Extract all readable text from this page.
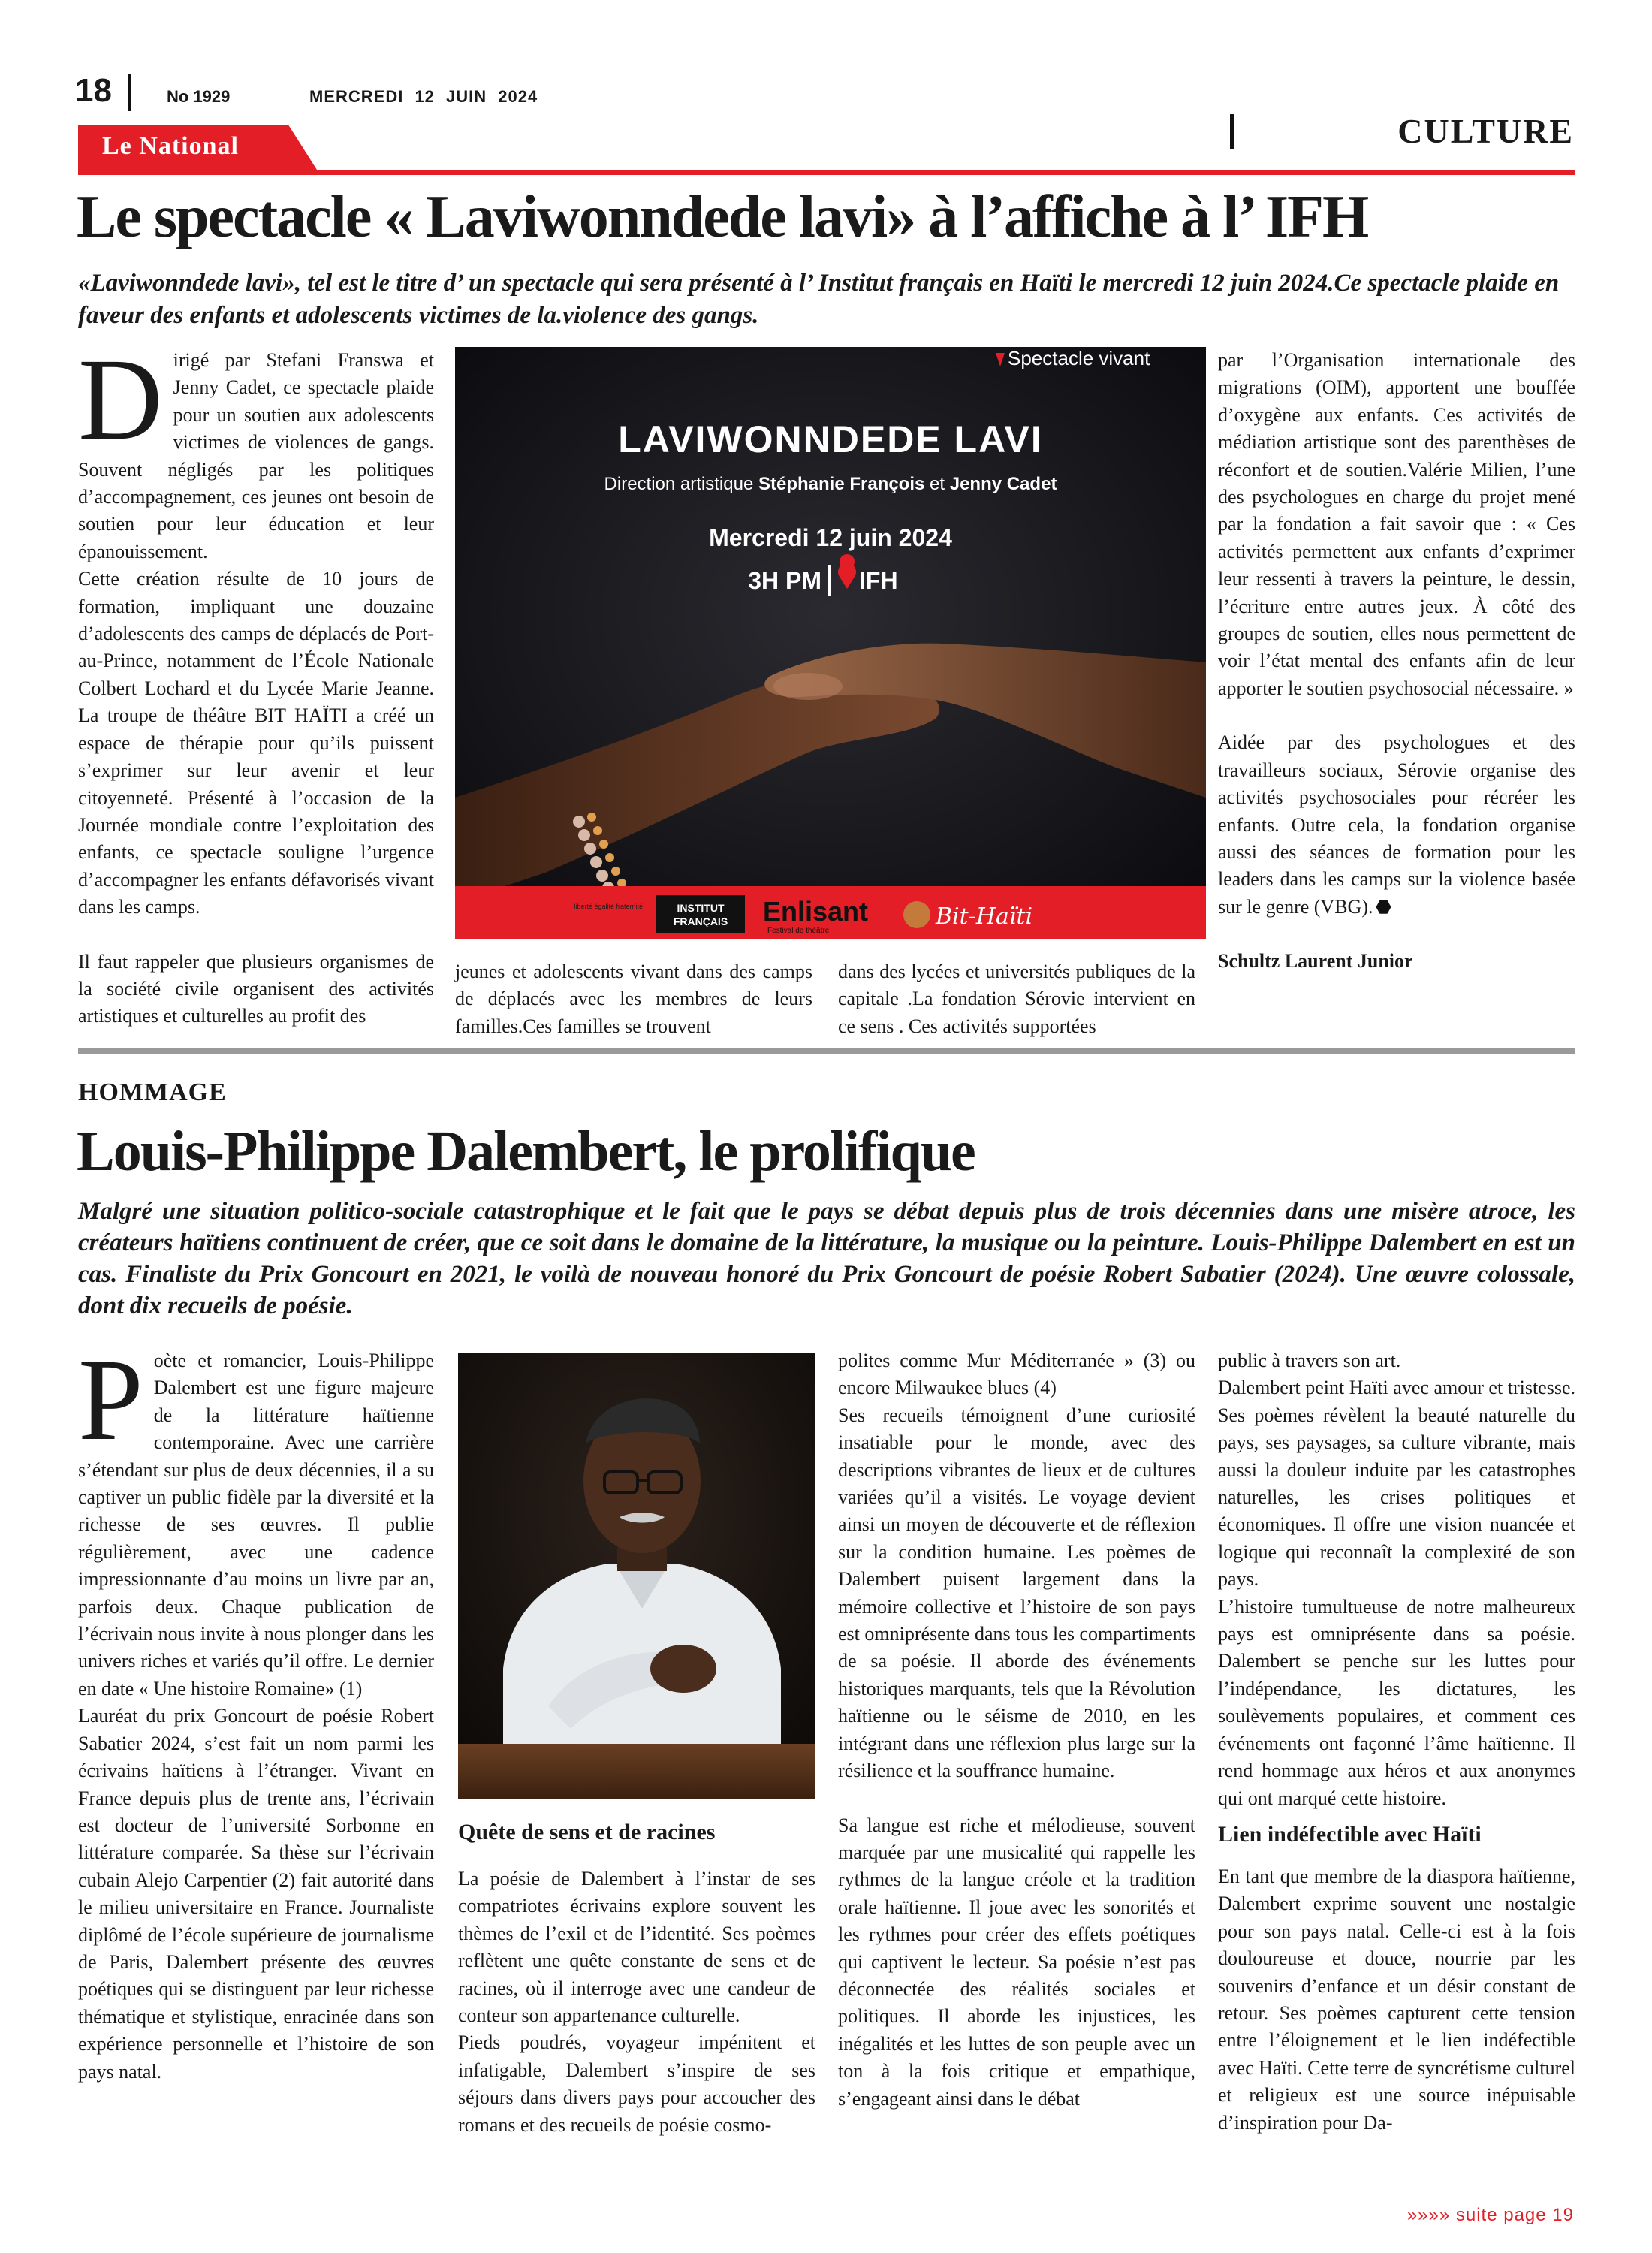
18	No 1929	MERCREDI 12 JUIN 2024
CULTURE
Le National
Le spectacle « Laviwonndede lavi» à l’affiche à l’ IFH
«Laviwonndede lavi», tel est le titre d’ un spectacle qui sera présenté à l’ Institut français en Haïti le mercredi 12 juin 2024.Ce spectacle plaide en faveur des enfants et adolescents victimes de la.violence des gangs.

Dirigé par Stefani Franswa et Jenny Cadet, ce spectacle plaide pour un soutien aux adolescents victimes de violences de gangs. Souvent négligés par les politiques d’accompagnement, ces jeunes ont besoin de soutien pour leur éducation et leur épanouissement.

Cette création résulte de 10 jours de formation, impliquant une douzaine d’adolescents des camps de déplacés de Port-au-Prince, notamment de l’École Nationale Colbert Lochard et du Lycée Marie Jeanne. La troupe de théâtre BIT HAÏTI a créé un espace de thérapie pour qu’ils puissent s’exprimer sur leur avenir et leur citoyenneté. Présenté à l’occasion de la Journée mondiale contre l’exploitation des enfants, ce spectacle souligne l’urgence d’accompagner les enfants défavorisés vivant dans les camps.

Il faut rappeler que plusieurs organismes de la société civile organisent des activités artistiques et culturelles au profit des

Spectacle vivant
LAVIWONNDEDE LAVI
Direction artistique Stéphanie François et Jenny Cadet
Mercredi 12 juin 2024
3H PM IFH
liberté égalité fraternité	INSTITUT
FRANÇAIS Enlisant
Festival de théâtre
Bit-Haïti

jeunes et adolescents vivant dans des camps de déplacés avec les membres de leurs familles.Ces familles se trouvent

dans des lycées et universités publiques de la capitale .La fondation Sérovie intervient en ce sens . Ces activités supportées

par l’Organisation internationale des migrations (OIM), apportent une bouffée d’oxygène aux enfants. Ces activités de médiation artistique sont des parenthèses de réconfort et de soutien.Valérie Milien, l’une des psychologues en charge du projet mené par la fondation a fait savoir que : « Ces activités permettent aux enfants d’exprimer leur ressenti à travers la peinture, le dessin, l’écriture entre autres jeux. À côté des groupes de soutien, elles nous permettent de voir l’état mental des enfants afin de leur apporter le soutien psychosocial nécessaire. »

Aidée par des psychologues et des travailleurs sociaux, Sérovie organise des activités psychosociales pour récréer les enfants. Outre cela, la fondation organise aussi des séances de formation pour les leaders dans les camps sur la violence basée sur le genre (VBG).

Schultz Laurent Junior

HOMMAGE
Louis-Philippe Dalembert, le prolifique
Malgré une situation politico-sociale catastrophique et le fait que le pays se débat depuis plus de trois décennies dans une misère atroce, les créateurs haïtiens continuent de créer, que ce soit dans le domaine de la littérature, la musique ou la peinture. Louis-Philippe Dalembert en est un cas. Finaliste du Prix Goncourt en 2021, le voilà de nouveau honoré du Prix Goncourt de poésie Robert Sabatier (2024). Une œuvre colossale, dont dix recueils de poésie.

Poète et romancier, Louis-Philippe Dalembert est une figure majeure de la littérature haïtienne contemporaine. Avec une carrière s’étendant sur plus de deux décennies, il a su captiver un public fidèle par la diversité et la richesse de ses œuvres. Il publie régulièrement, avec une cadence impressionnante d’au moins un livre par an, parfois deux. Chaque publication de l’écrivain nous invite à nous plonger dans les univers riches et variés qu’il offre. Le dernier en date « Une histoire Romaine» (1)

Lauréat du prix Goncourt de poésie Robert Sabatier 2024, s’est fait un nom parmi les écrivains haïtiens à l’étranger. Vivant en France depuis plus de trente ans, l’écrivain est docteur de l’université Sorbonne en littérature comparée. Sa thèse sur l’écrivain cubain Alejo Carpentier (2) fait autorité dans le milieu universitaire en France. Journaliste diplômé de l’école supérieure de journalisme de Paris, Dalembert présente des œuvres poétiques qui se distinguent par leur richesse thématique et stylistique, enracinée dans son expérience personnelle et l’histoire de son pays natal.

Quête de sens et de racines

La poésie de Dalembert à l’instar de ses compatriotes écrivains explore souvent les thèmes de l’exil et de l’identité. Ses poèmes reflètent une quête constante de sens et de racines, où il interroge avec une candeur de conteur son appartenance culturelle.

Pieds poudrés, voyageur impénitent et infatigable, Dalembert s’inspire de ses séjours dans divers pays pour accoucher des romans et des recueils de poésie cosmo-

polites comme Mur Méditerranée » (3) ou encore Milwaukee blues (4)

Ses recueils témoignent d’une curiosité insatiable pour le monde, avec des descriptions vibrantes de lieux et de cultures variées qu’il a visités. Le voyage devient ainsi un moyen de découverte et de réflexion sur la condition humaine. Les poèmes de Dalembert puisent largement dans la mémoire collective et l’histoire de son pays est omniprésente dans tous les compartiments de sa poésie. Il aborde des événements historiques marquants, tels que la Révolution haïtienne ou le séisme de 2010, en les intégrant dans une réflexion plus large sur la résilience et la souffrance humaine.

Sa langue est riche et mélodieuse, souvent marquée par une musicalité qui rappelle les rythmes de la langue créole et la tradition orale haïtienne. Il joue avec les sonorités et les rythmes pour créer des effets poétiques qui captivent le lecteur. Sa poésie n’est pas déconnectée des réalités sociales et politiques. Il aborde les injustices, les inégalités et les luttes de son peuple avec un ton à la fois critique et empathique, s’engageant ainsi dans le débat

public à travers son art.

Dalembert peint Haïti avec amour et tristesse. Ses poèmes révèlent la beauté naturelle du pays, ses paysages, sa culture vibrante, mais aussi la douleur induite par les catastrophes naturelles, les crises politiques et économiques. Il offre une vision nuancée et logique qui reconnaît la complexité de son pays.

L’histoire tumultueuse de notre malheureux pays est omniprésente dans sa poésie. Dalembert se penche sur les luttes pour l’indépendance, les dictatures, les soulèvements populaires, et comment ces événements ont façonné l’âme haïtienne. Il rend hommage aux héros et aux anonymes qui ont marqué cette histoire.

Lien indéfectible avec Haïti

En tant que membre de la diaspora haïtienne, Dalembert exprime souvent une nostalgie pour son pays natal. Celle-ci est à la fois douloureuse et douce, nourrie par les souvenirs d’enfance et un désir constant de retour. Ses poèmes capturent cette tension entre l’éloignement et le lien indéfectible avec Haïti. Cette terre de syncrétisme culturel et religieux est une source inépuisable d’inspiration pour Da-

»»»» suite page 19
